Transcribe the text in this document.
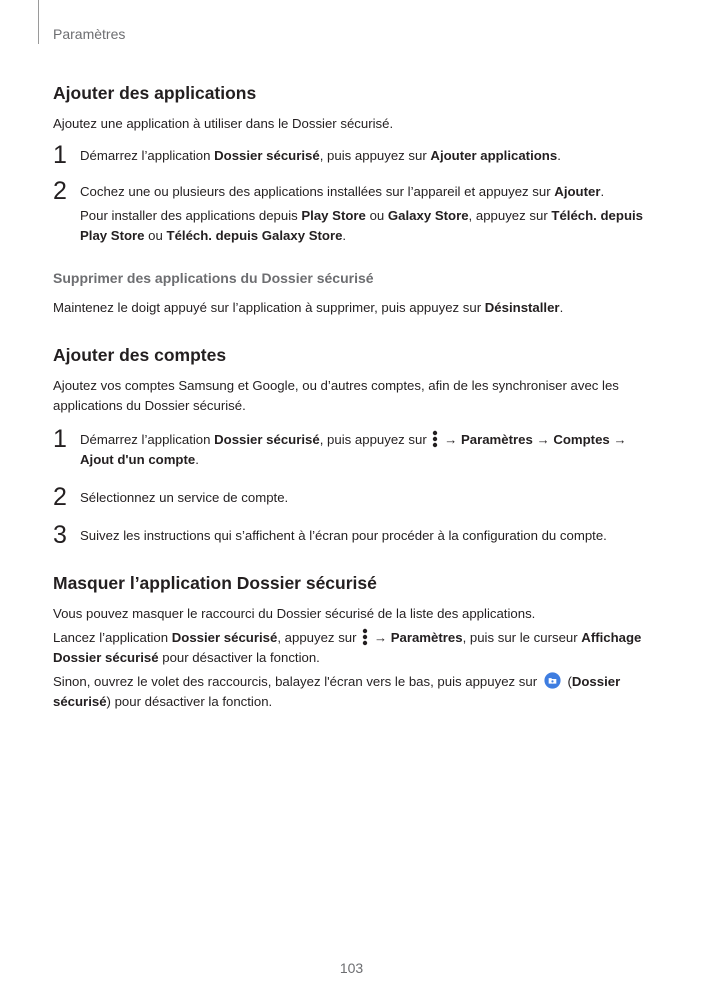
Paramètres
Ajouter des applications

Ajoutez une application à utiliser dans le Dossier sécurisé.

1 Démarrez l’application Dossier sécurisé, puis appuyez sur Ajouter applications.

2 Cochez une ou plusieurs des applications installées sur l’appareil et appuyez sur Ajouter.

Pour installer des applications depuis Play Store ou Galaxy Store, appuyez sur Téléch. depuis Play Store ou Téléch. depuis Galaxy Store.

Supprimer des applications du Dossier sécurisé

Maintenez le doigt appuyé sur l’application à supprimer, puis appuyez sur Désinstaller.

Ajouter des comptes

Ajoutez vos comptes Samsung et Google, ou d’autres comptes, afin de les synchroniser avec les applications du Dossier sécurisé.

1 Démarrez l’application Dossier sécurisé, puis appuyez sur  → Paramètres → Comptes → Ajout d'un compte.

2 Sélectionnez un service de compte.

3 Suivez les instructions qui s’affichent à l’écran pour procéder à la configuration du compte.

Masquer l’application Dossier sécurisé

Vous pouvez masquer le raccourci du Dossier sécurisé de la liste des applications.

Lancez l’application Dossier sécurisé, appuyez sur  → Paramètres, puis sur le curseur Affichage Dossier sécurisé pour désactiver la fonction.

Sinon, ouvrez le volet des raccourcis, balayez l'écran vers le bas, puis appuyez sur  (Dossier sécurisé) pour désactiver la fonction.

103
